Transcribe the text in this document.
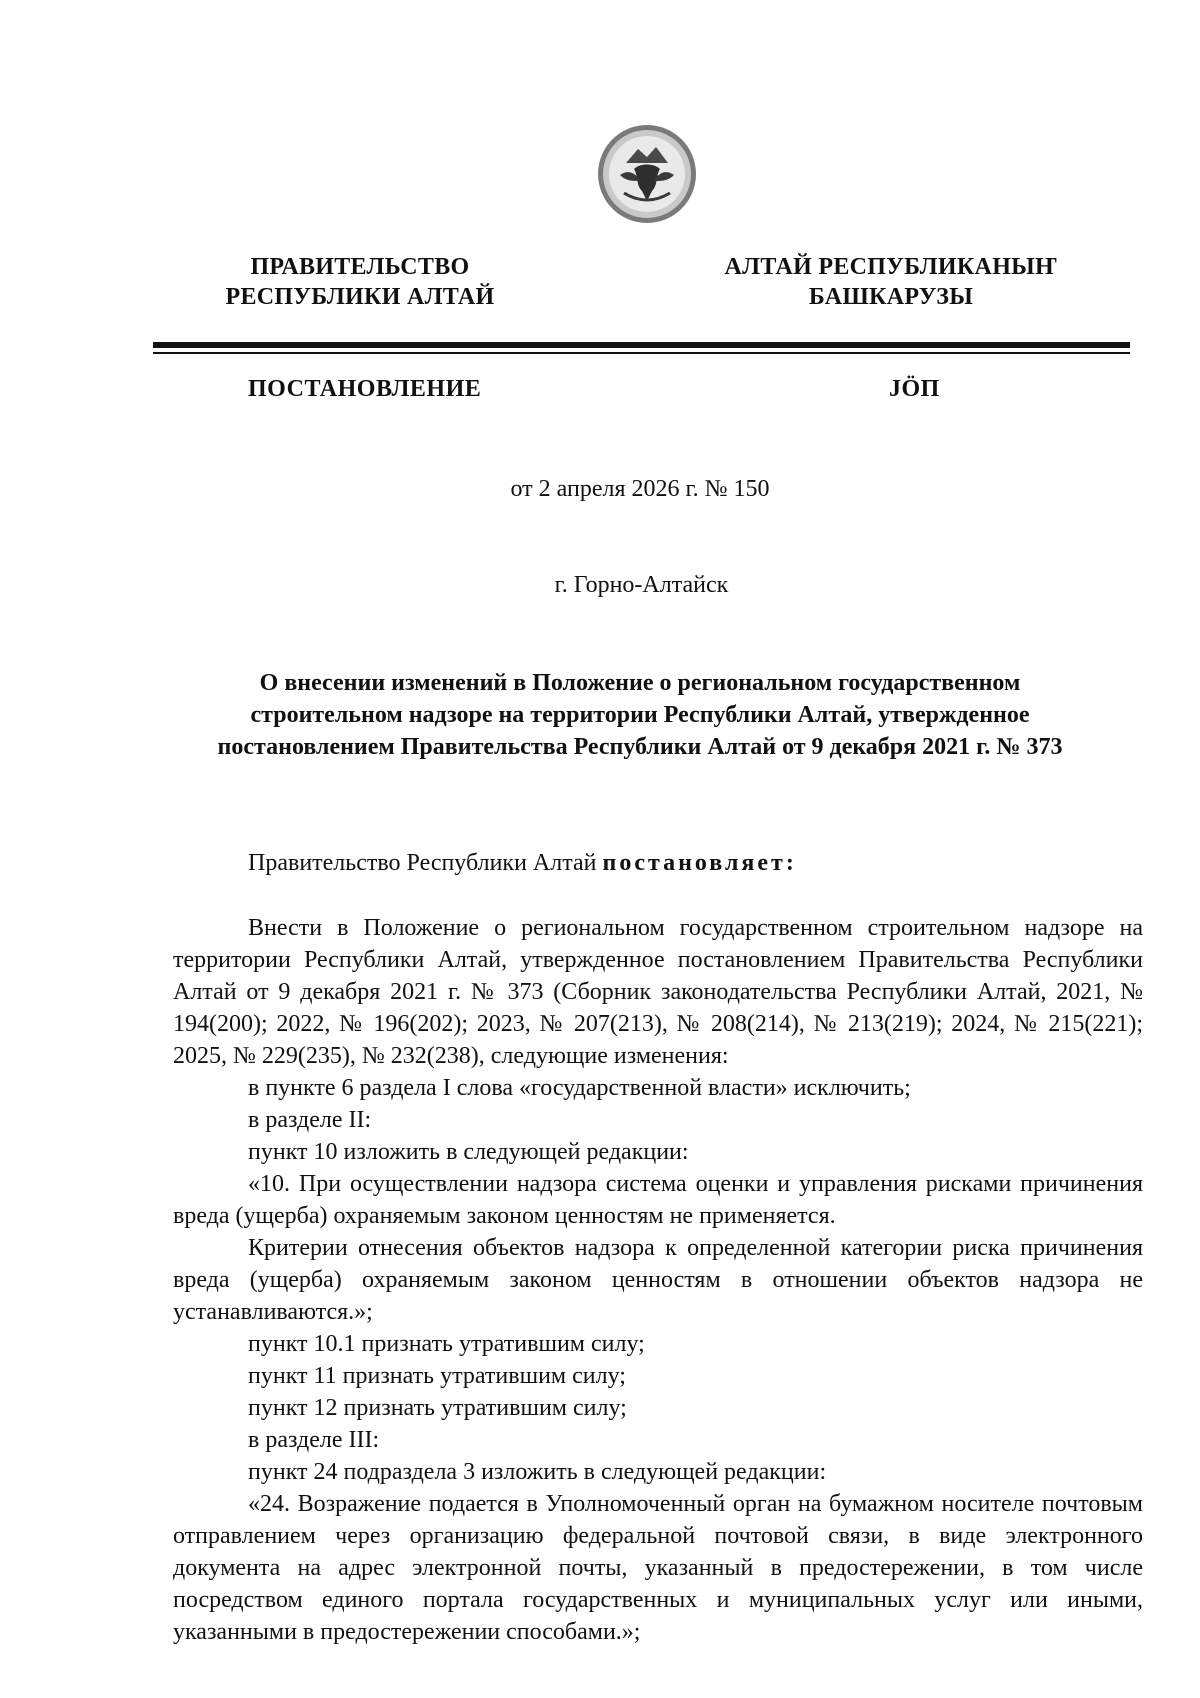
ПРАВИТЕЛЬСТВО
РЕСПУБЛИКИ АЛТАЙ
АЛТАЙ РЕСПУБЛИКАНЫҤ
БАШКАРУЗЫ
ПОСТАНОВЛЕНИЕ	JӦП
от 2 апреля 2026 г. № 150
г. Горно-Алтайск
О внесении изменений в Положение о региональном государственном
строительном надзоре на территории Республики Алтай, утвержденное
постановлением Правительства Республики Алтай от 9 декабря 2021 г. № 373

Правительство Республики Алтай постановляет:

Внести в Положение о региональном государственном строительном надзоре на территории Республики Алтай, утвержденное постановлением Правительства Республики Алтай от 9 декабря 2021 г. № 373 (Сборник законодательства Республики Алтай, 2021, № 194(200); 2022, № 196(202); 2023, № 207(213), № 208(214), № 213(219); 2024, № 215(221); 2025, № 229(235), № 232(238), следующие изменения:

в пункте 6 раздела I слова «государственной власти» исключить;

в разделе II:

пункт 10 изложить в следующей редакции:

«10. При осуществлении надзора система оценки и управления рисками причинения вреда (ущерба) охраняемым законом ценностям не применяется.

Критерии отнесения объектов надзора к определенной категории риска причинения вреда (ущерба) охраняемым законом ценностям в отношении объектов надзора не устанавливаются.»;

пункт 10.1 признать утратившим силу;

пункт 11 признать утратившим силу;

пункт 12 признать утратившим силу;

в разделе III:

пункт 24 подраздела 3 изложить в следующей редакции:

«24. Возражение подается в Уполномоченный орган на бумажном носителе почтовым отправлением через организацию федеральной почтовой связи, в виде электронного документа на адрес электронной почты, указанный в предостережении, в том числе посредством единого портала государственных и муниципальных услуг или иными, указанными в предостережении способами.»;
